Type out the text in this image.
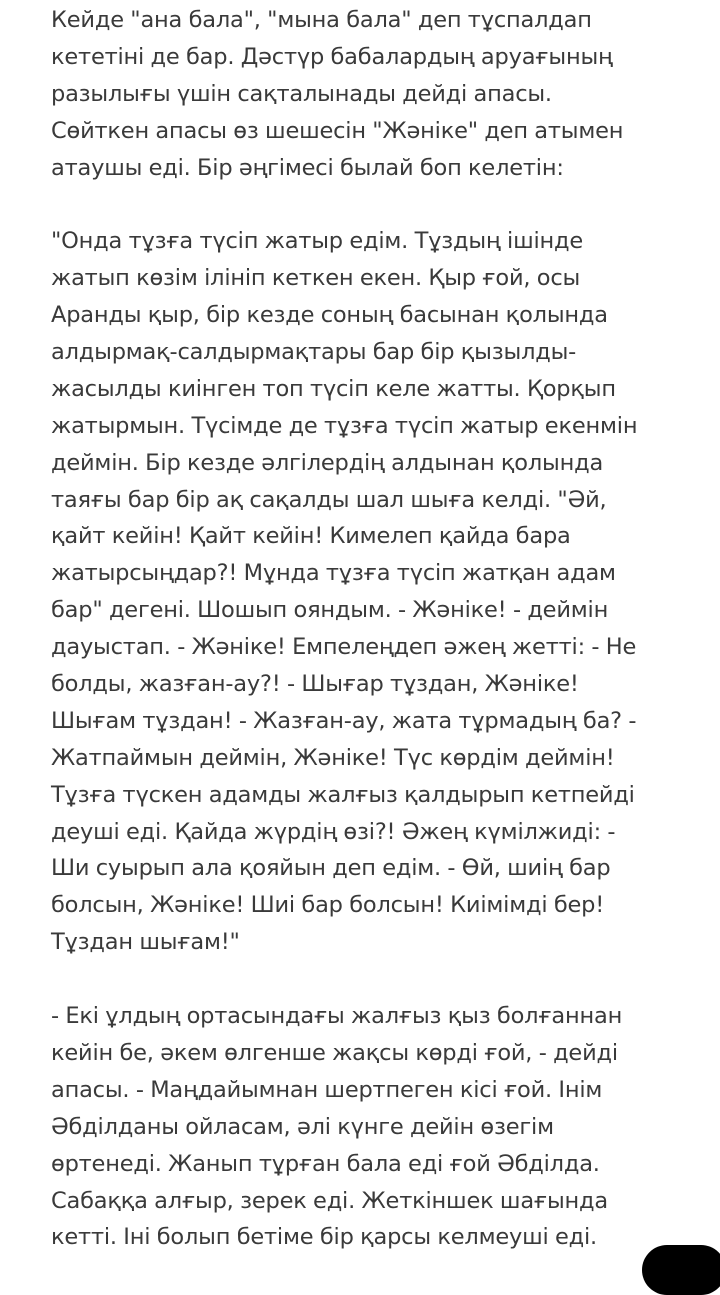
Кейде "ана бала", "мына бала" деп тұспалдап
кететіні де бар. Дәстүр бабалардың аруағының
разылығы үшін сақталынады дейді апасы.
Сөйткен апасы өз шешесін "Жәніке" деп атымен
атаушы еді. Бір әңгімесі былай боп келетін:
"Онда тұзға түсіп жатыр едім. Тұздың ішінде
жатып көзім ілініп кеткен екен. Қыр ғой, осы
Аранды қыр, бір кезде соның басынан қолында
алдырмақ-салдырмақтары бар бір қызылды-
жасылды киінген топ түсіп келе жатты. Қорқып
жатырмын. Түсімде де тұзға түсіп жатыр екенмін
деймін. Бір кезде әлгілердің алдынан қолында
таяғы бар бір ақ сақалды шал шыға келді. "Әй,
қайт кейін! Қайт кейін! Кимелеп қайда бара
жатырсыңдар?! Мұнда тұзға түсіп жатқан адам
бар" дегені. Шошып ояндым. - Жәніке! - деймін
дауыстап. - Жәніке! Емпелеңдеп әжең жетті: - Не
болды, жазған-ау?! - Шығар тұздан, Жәніке!
Шығам тұздан! - Жазған-ау, жата тұрмадың ба? -
Жатпаймын деймін, Жәніке! Түс көрдім деймін!
Тұзға түскен адамды жалғыз қалдырып кетпейді
деуші еді. Қайда жүрдің өзі?! Әжең күмілжиді: -
Ши суырып ала қояйын деп едім. - Өй, шиің бар
болсын, Жәніке! Шиі бар болсын! Киімімді бер!
Тұздан шығам!"
- Екі ұлдың ортасындағы жалғыз қыз болғаннан
кейін бе, әкем өлгенше жақсы көрді ғой, - дейді
апасы. - Маңдайымнан шертпеген кісі ғой. Інім
Әбділданы ойласам, әлі күнге дейін өзегім
өртенеді. Жанып тұрған бала еді ғой Әбділда.
Сабаққа алғыр, зерек еді. Жеткіншек шағында
кетті. Іні болып бетіме бір қарсы келмеуші еді.
